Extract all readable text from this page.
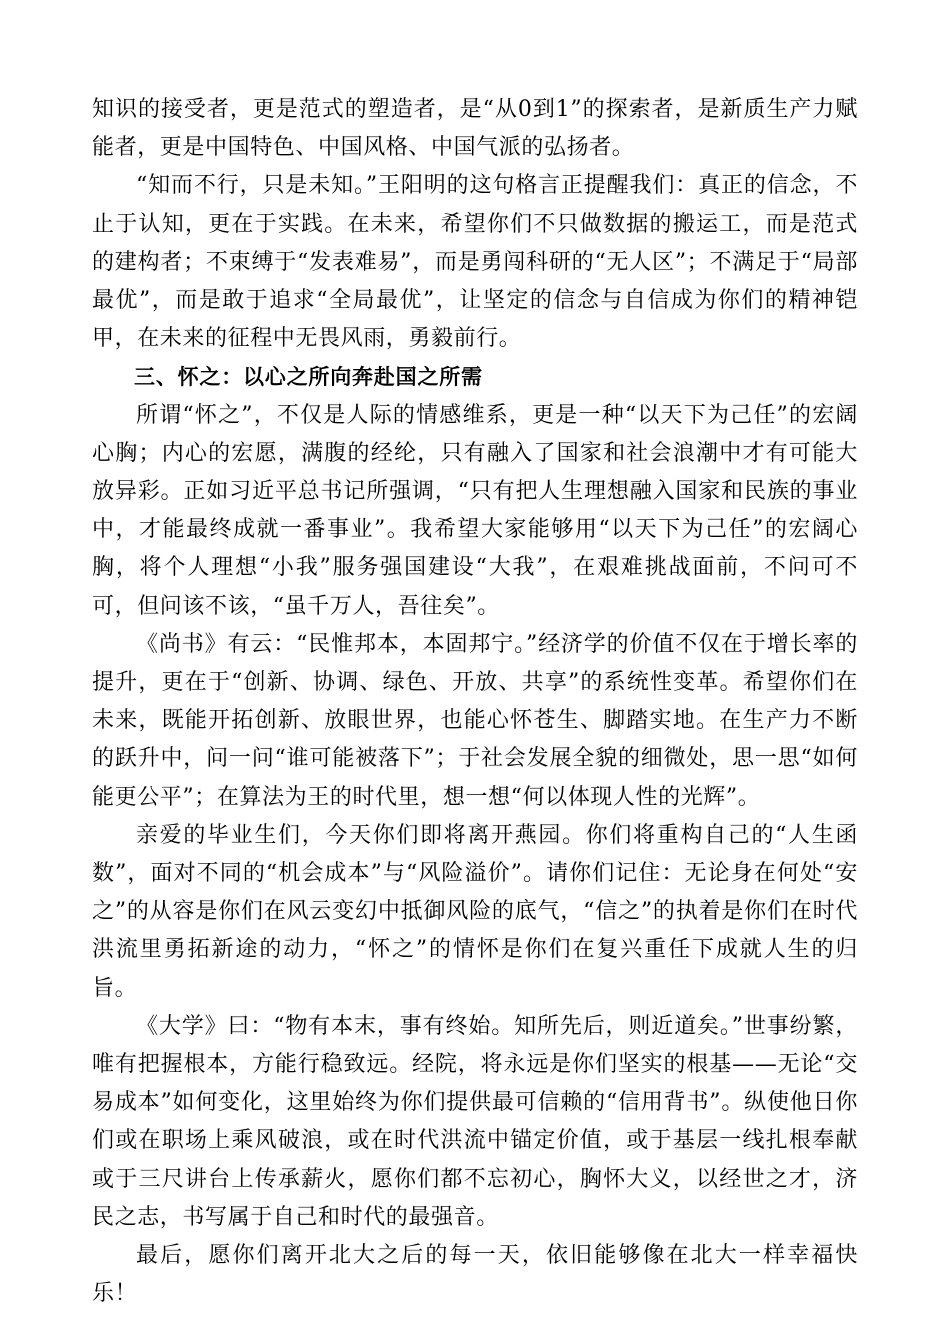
知识的接受者，更是范式的塑造者，是“从0到1”的探索者，是新质生产力赋能者，更是中国特色、中国风格、中国气派的弘扬者。

“知而不行，只是未知。”王阳明的这句格言正提醒我们：真正的信念，不止于认知，更在于实践。在未来，希望你们不只做数据的搬运工，而是范式的建构者；不束缚于“发表难易”，而是勇闯科研的“无人区”；不满足于“局部最优”，而是敢于追求“全局最优”，让坚定的信念与自信成为你们的精神铠甲，在未来的征程中无畏风雨，勇毅前行。

三、怀之：以心之所向奔赴国之所需

所谓“怀之”，不仅是人际的情感维系，更是一种“以天下为己任”的宏阔心胸；内心的宏愿，满腹的经纶，只有融入了国家和社会浪潮中才有可能大放异彩。正如习近平总书记所强调，“只有把人生理想融入国家和民族的事业中，才能最终成就一番事业”。我希望大家能够用“以天下为己任”的宏阔心胸，将个人理想“小我”服务强国建设“大我”，在艰难挑战面前，不问可不可，但问该不该，“虽千万人，吾往矣”。

《尚书》有云：“民惟邦本，本固邦宁。”经济学的价值不仅在于增长率的提升，更在于“创新、协调、绿色、开放、共享”的系统性变革。希望你们在未来，既能开拓创新、放眼世界，也能心怀苍生、脚踏实地。在生产力不断的跃升中，问一问“谁可能被落下”；于社会发展全貌的细微处，思一思“如何能更公平”；在算法为王的时代里，想一想“何以体现人性的光辉”。

亲爱的毕业生们，今天你们即将离开燕园。你们将重构自己的“人生函数”，面对不同的“机会成本”与“风险溢价”。请你们记住：无论身在何处“安之”的从容是你们在风云变幻中抵御风险的底气，“信之”的执着是你们在时代洪流里勇拓新途的动力，“怀之”的情怀是你们在复兴重任下成就人生的归旨。

《大学》曰：“物有本末，事有终始。知所先后，则近道矣。”世事纷繁，唯有把握根本，方能行稳致远。经院，将永远是你们坚实的根基——无论“交易成本”如何变化，这里始终为你们提供最可信赖的“信用背书”。纵使他日你们或在职场上乘风破浪，或在时代洪流中锚定价值，或于基层一线扎根奉献或于三尺讲台上传承薪火，愿你们都不忘初心，胸怀大义，以经世之才，济民之志，书写属于自己和时代的最强音。

最后，愿你们离开北大之后的每一天，依旧能够像在北大一样幸福快乐！
